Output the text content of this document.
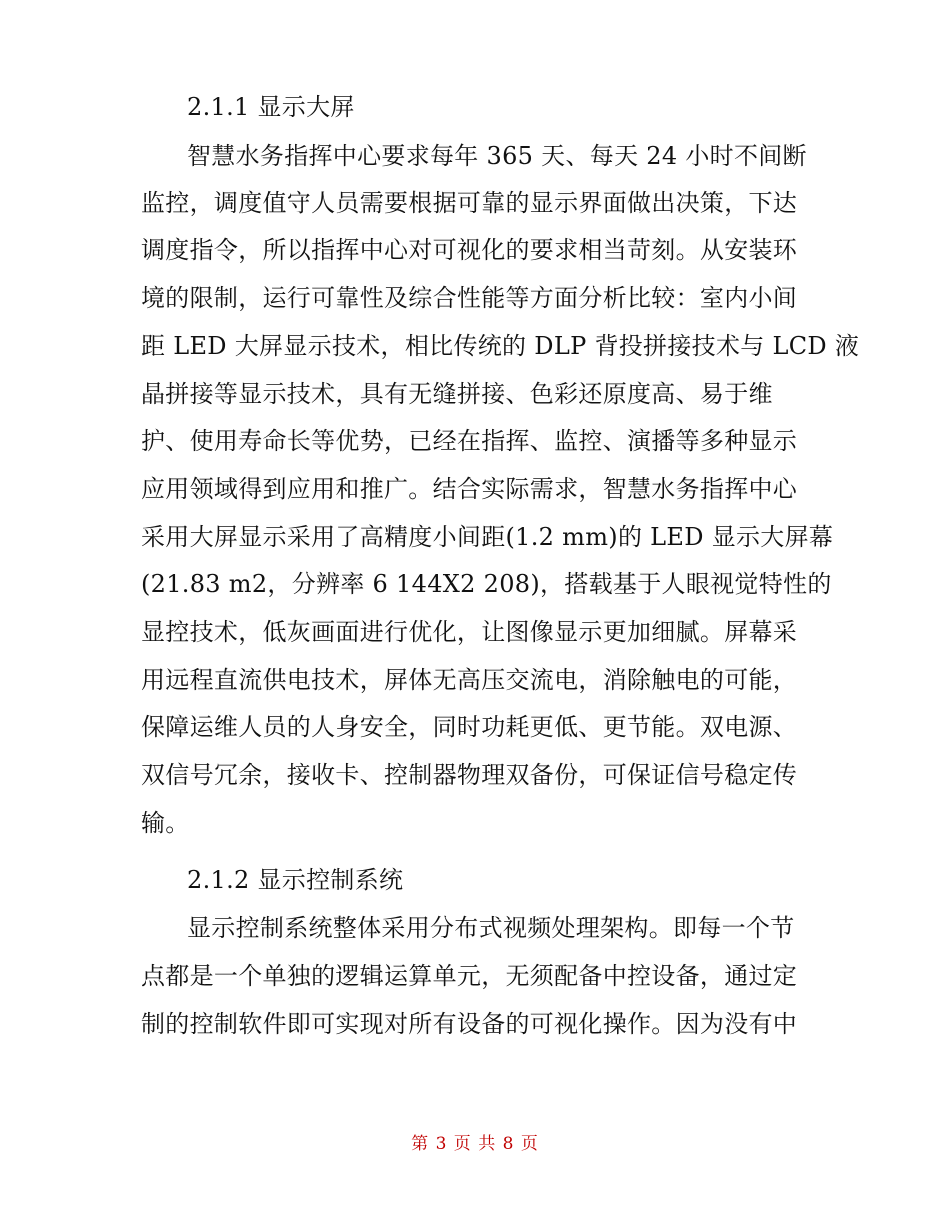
2.1.1 显示大屏
智慧水务指挥中心要求每年 365 天、每天 24 小时不间断
监控，调度值守人员需要根据可靠的显示界面做出决策，下达
调度指令，所以指挥中心对可视化的要求相当苛刻。从安装环
境的限制，运行可靠性及综合性能等方面分析比较：室内小间
距 LED 大屏显示技术，相比传统的 DLP 背投拼接技术与 LCD 液
晶拼接等显示技术，具有无缝拼接、色彩还原度高、易于维
护、使用寿命长等优势，已经在指挥、监控、演播等多种显示
应用领域得到应用和推广。结合实际需求，智慧水务指挥中心
采用大屏显示采用了高精度小间距(1.2 mm)的 LED 显示大屏幕
(21.83 m2，分辨率 6 144X2 208)，搭载基于人眼视觉特性的
显控技术，低灰画面进行优化，让图像显示更加细腻。屏幕采
用远程直流供电技术，屏体无高压交流电，消除触电的可能，
保障运维人员的人身安全，同时功耗更低、更节能。双电源、
双信号冗余，接收卡、控制器物理双备份，可保证信号稳定传
输。
2.1.2 显示控制系统
显示控制系统整体采用分布式视频处理架构。即每一个节
点都是一个单独的逻辑运算单元，无须配备中控设备，通过定
制的控制软件即可实现对所有设备的可视化操作。因为没有中
第 3 页 共 8 页
